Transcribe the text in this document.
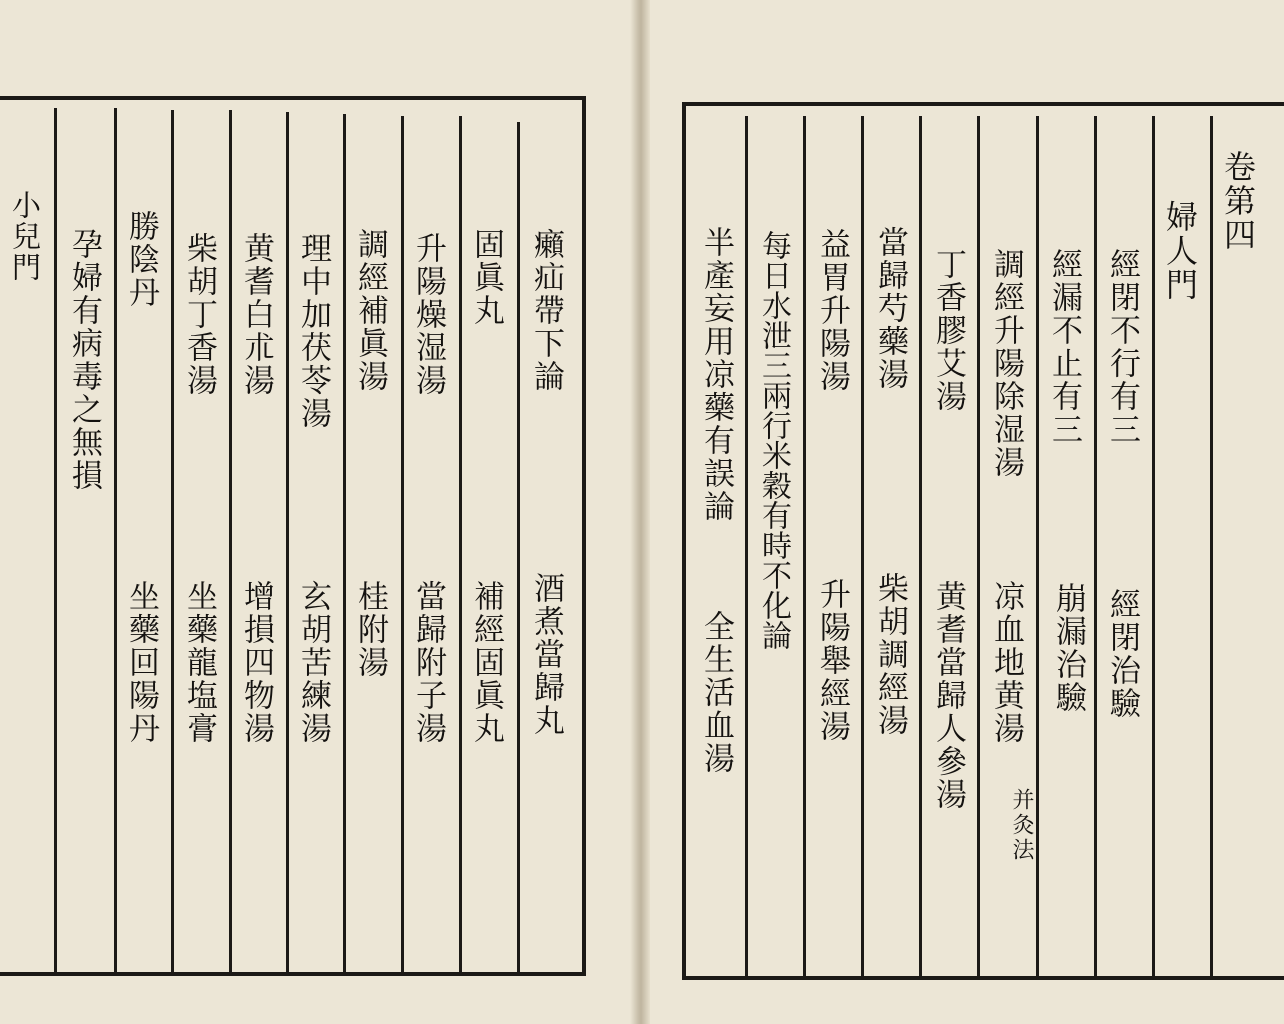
癩疝帶下論
酒煮當歸丸
固眞丸
補經固眞丸
升陽燥湿湯
當歸附子湯
調經補眞湯
桂附湯
理中加茯苓湯
玄胡苦練湯
黄耆白朮湯
增損四物湯
柴胡丁香湯
坐藥龍塩膏
勝陰丹
坐藥回陽丹
孕婦有病毒之無損
小兒門	卷第四
婦人門
經閉不行有三
經閉治驗
經漏不止有三
崩漏治驗
調經升陽除湿湯
凉血地黄湯
并灸法
丁香膠艾湯
黄耆當歸人參湯
當歸芍藥湯
柴胡調經湯
益胃升陽湯
升陽舉經湯
每日水泄三兩行米穀有時不化論
半產妄用凉藥有誤論
全生活血湯
